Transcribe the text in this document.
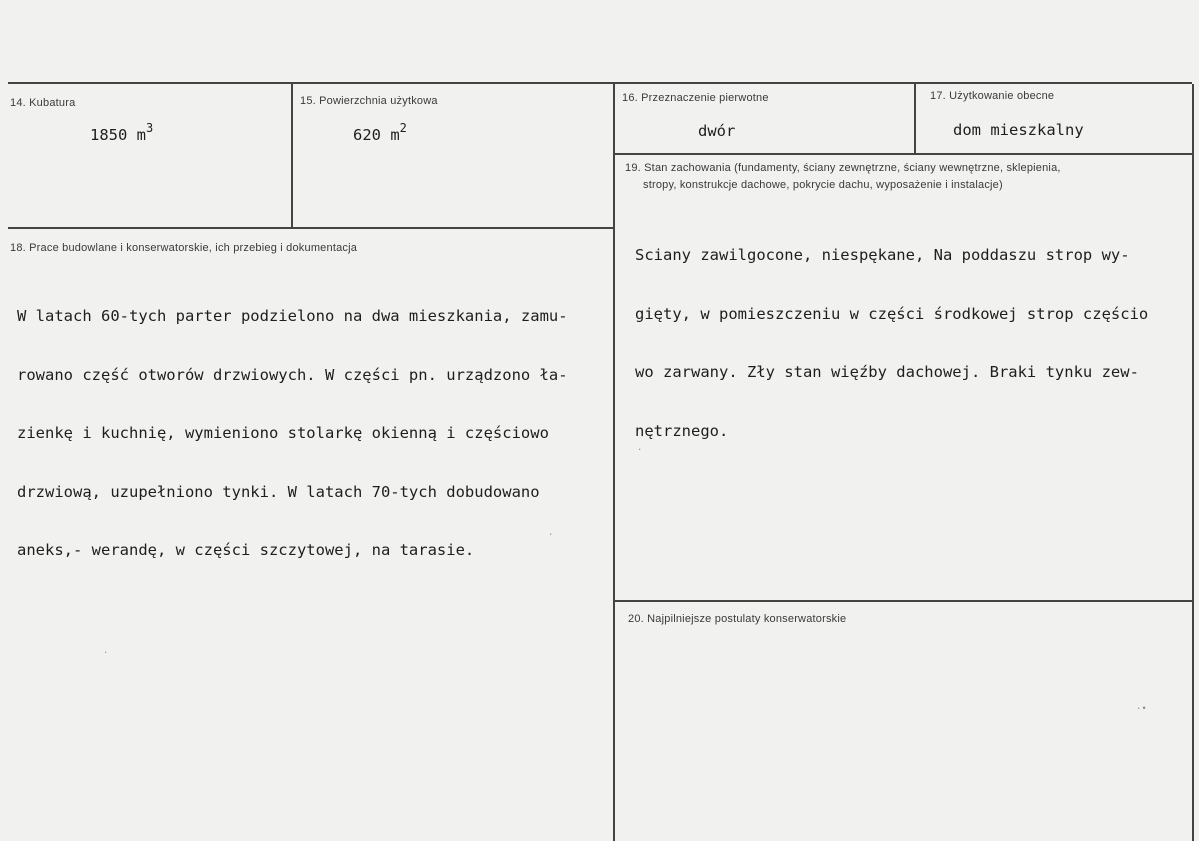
14. Kubatura
1850 $m^3$
15. Powierzchnia użytkowa
620 $m^2$
16. Przeznaczenie pierwotne
dwór
17. Użytkowanie obecne
dom mieszkalny
18. Prace budowlane i konserwatorskie, ich przebieg i dokumentacja

W latach 60-tych parter podzielono na dwa mieszkania, zamu-

rowano część otworów drzwiowych. W części pn. urządzono ła-

zienkę i kuchnię, wymieniono stolarkę okienną i częściowo

drzwiową, uzupełniono tynki. W latach 70-tych dobudowano

aneks,- werandę, w części szczytowej, na tarasie.

19. Stan zachowania (fundamenty, ściany zewnętrzne, ściany wewnętrzne, sklepienia,
stropy, konstrukcje dachowe, pokrycie dachu, wyposażenie i instalacje)

Sciany zawilgocone, niespękane, Na poddaszu strop wy-

gięty, w pomieszczeniu w części środkowej strop częścio

wo zarwany. Zły stan więźby dachowej. Braki tynku zew-

nętrznego.

20. Najpilniejsze postulaty konserwatorskie
·
·•
·
·
